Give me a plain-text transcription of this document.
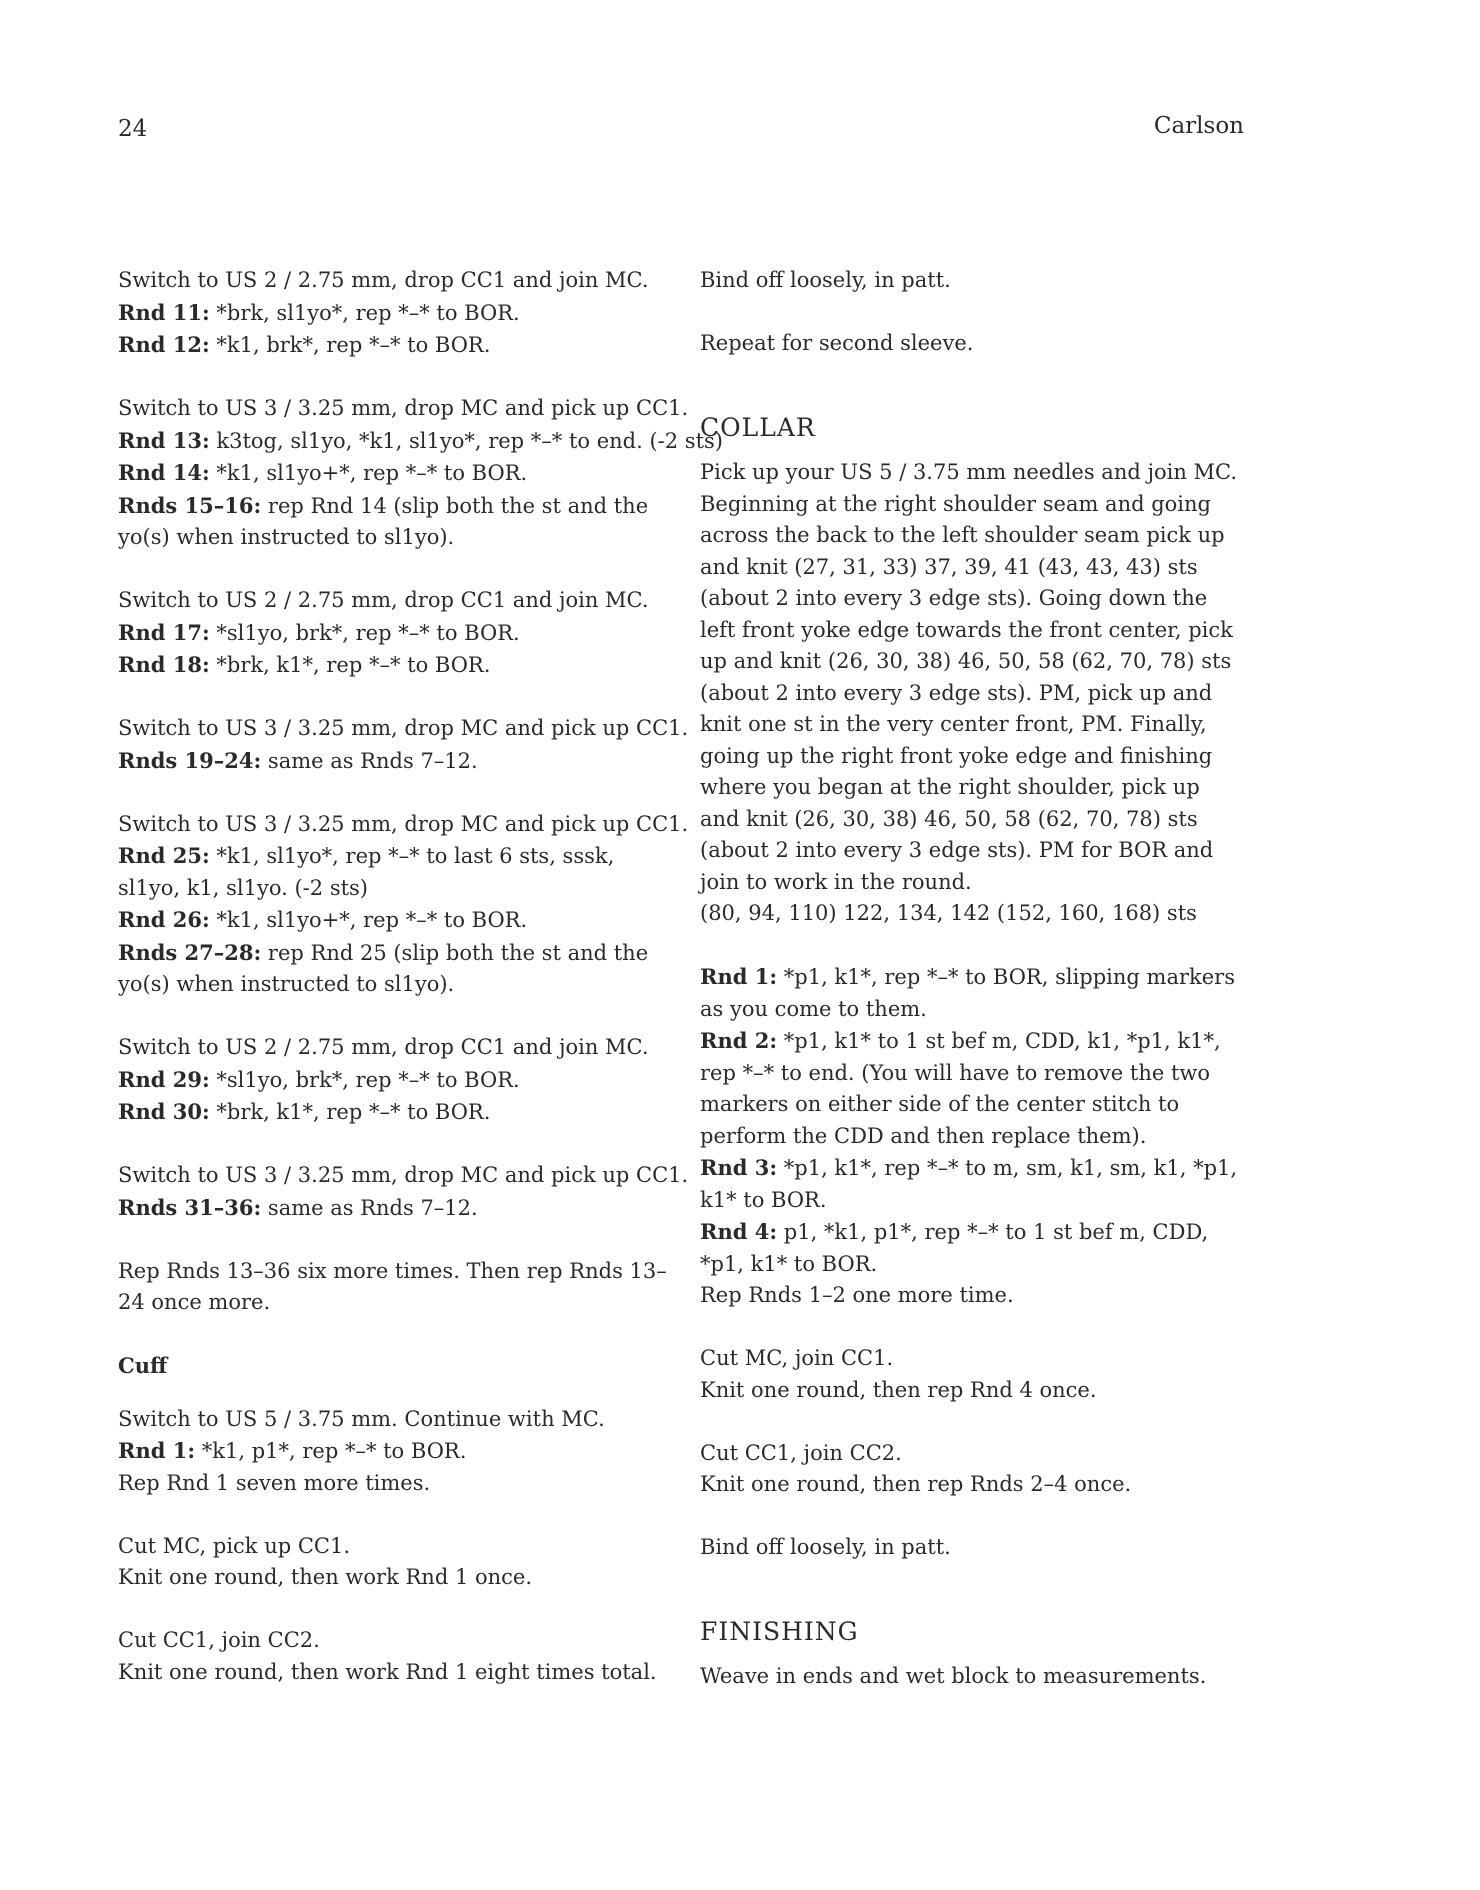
24	Carlson
Switch to US 2 / 2.75 mm, drop CC1 and join MC.
Rnd 11: *brk, sl1yo*, rep *–* to BOR.
Rnd 12: *k1, brk*, rep *–* to BOR.
Switch to US 3 / 3.25 mm, drop MC and pick up CC1.
Rnd 13: k3tog, sl1yo, *k1, sl1yo*, rep *–* to end. (-2 sts)
Rnd 14: *k1, sl1yo+*, rep *–* to BOR.
Rnds 15–16: rep Rnd 14 (slip both the st and the yo(s) when instructed to sl1yo).
Switch to US 2 / 2.75 mm, drop CC1 and join MC.
Rnd 17: *sl1yo, brk*, rep *–* to BOR.
Rnd 18: *brk, k1*, rep *–* to BOR.
Switch to US 3 / 3.25 mm, drop MC and pick up CC1.
Rnds 19–24: same as Rnds 7–12.
Switch to US 3 / 3.25 mm, drop MC and pick up CC1.
Rnd 25: *k1, sl1yo*, rep *–* to last 6 sts, sssk, sl1yo, k1, sl1yo. (-2 sts)
Rnd 26: *k1, sl1yo+*, rep *–* to BOR.
Rnds 27–28: rep Rnd 25 (slip both the st and the yo(s) when instructed to sl1yo).
Switch to US 2 / 2.75 mm, drop CC1 and join MC.
Rnd 29: *sl1yo, brk*, rep *–* to BOR.
Rnd 30: *brk, k1*, rep *–* to BOR.
Switch to US 3 / 3.25 mm, drop MC and pick up CC1.
Rnds 31–36: same as Rnds 7–12.
Rep Rnds 13–36 six more times. Then rep Rnds 13–24 once more.
Cuff
Switch to US 5 / 3.75 mm. Continue with MC.
Rnd 1: *k1, p1*, rep *–* to BOR.
Rep Rnd 1 seven more times.
Cut MC, pick up CC1.
Knit one round, then work Rnd 1 once.
Cut CC1, join CC2.
Knit one round, then work Rnd 1 eight times total.
Bind off loosely, in patt.
Repeat for second sleeve.
COLLAR
Pick up your US 5 / 3.75 mm needles and join MC. Beginning at the right shoulder seam and going across the back to the left shoulder seam pick up and knit (27, 31, 33) 37, 39, 41 (43, 43, 43) sts (about 2 into every 3 edge sts). Going down the left front yoke edge towards the front center, pick up and knit (26, 30, 38) 46, 50, 58 (62, 70, 78) sts (about 2 into every 3 edge sts). PM, pick up and knit one st in the very center front, PM. Finally, going up the right front yoke edge and finishing where you began at the right shoulder, pick up and knit (26, 30, 38) 46, 50, 58 (62, 70, 78) sts (about 2 into every 3 edge sts). PM for BOR and join to work in the round.
(80, 94, 110) 122, 134, 142 (152, 160, 168) sts
Rnd 1: *p1, k1*, rep *–* to BOR, slipping markers as you come to them.
Rnd 2: *p1, k1* to 1 st bef m, CDD, k1, *p1, k1*, rep *–* to end. (You will have to remove the two markers on either side of the center stitch to perform the CDD and then replace them).
Rnd 3: *p1, k1*, rep *–* to m, sm, k1, sm, k1, *p1, k1* to BOR.
Rnd 4: p1, *k1, p1*, rep *–* to 1 st bef m, CDD, *p1, k1* to BOR.
Rep Rnds 1–2 one more time.
Cut MC, join CC1.
Knit one round, then rep Rnd 4 once.
Cut CC1, join CC2.
Knit one round, then rep Rnds 2–4 once.
Bind off loosely, in patt.
FINISHING
Weave in ends and wet block to measurements.
